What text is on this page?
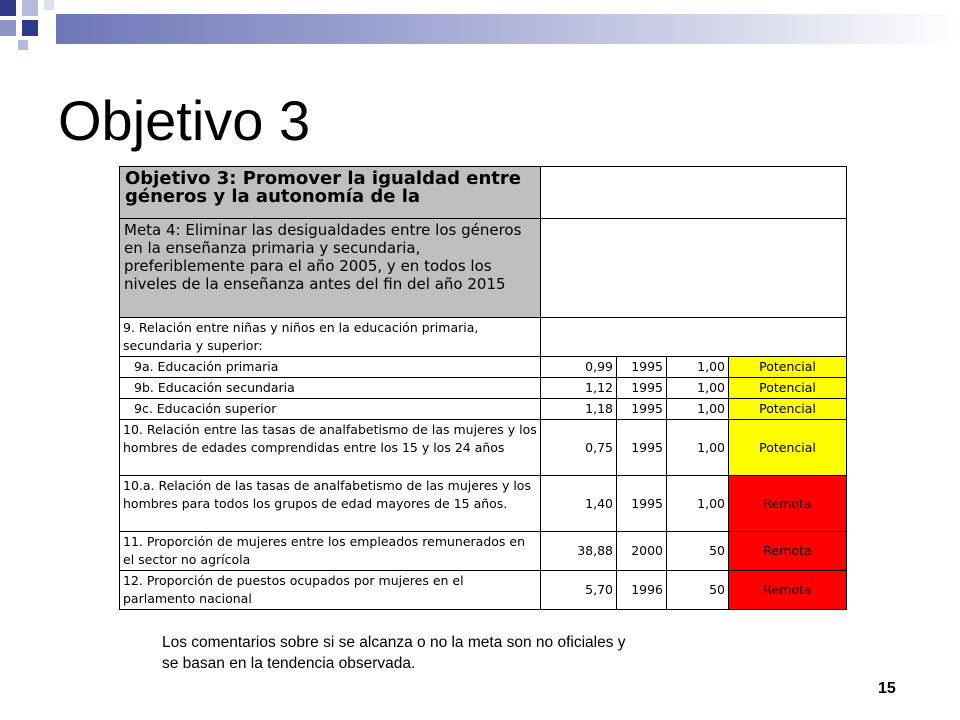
Objetivo 3
Objetivo 3: Promover la igualdad entre géneros y la autonomía de la				
Meta 4: Eliminar las desigualdades entre los géneros en la enseñanza primaria y secundaria, preferiblemente para el año 2005, y en todos los niveles de la enseñanza antes del fin del año 2015				
9. Relación entre niñas y niños en la educación primaria, secundaria y superior:				
9a. Educación primaria	0,99	1995	1,00	Potencial
9b. Educación secundaria	1,12	1995	1,00	Potencial
9c. Educación superior	1,18	1995	1,00	Potencial
10. Relación entre las tasas de analfabetismo de las mujeres y los hombres de edades comprendidas entre los 15 y los 24 años	0,75	1995	1,00	Potencial
10.a. Relación de las tasas de analfabetismo de las mujeres y los hombres para todos los grupos de edad mayores de 15 años.	1,40	1995	1,00	Remota
11. Proporción de mujeres entre los empleados remunerados en el sector no agrícola	38,88	2000	50	Remota
12. Proporción de puestos ocupados por mujeres en el parlamento nacional	5,70	1996	50	Remota

Los comentarios sobre si se alcanza o no la meta son no oficiales y se basan en la tendencia observada.

15
